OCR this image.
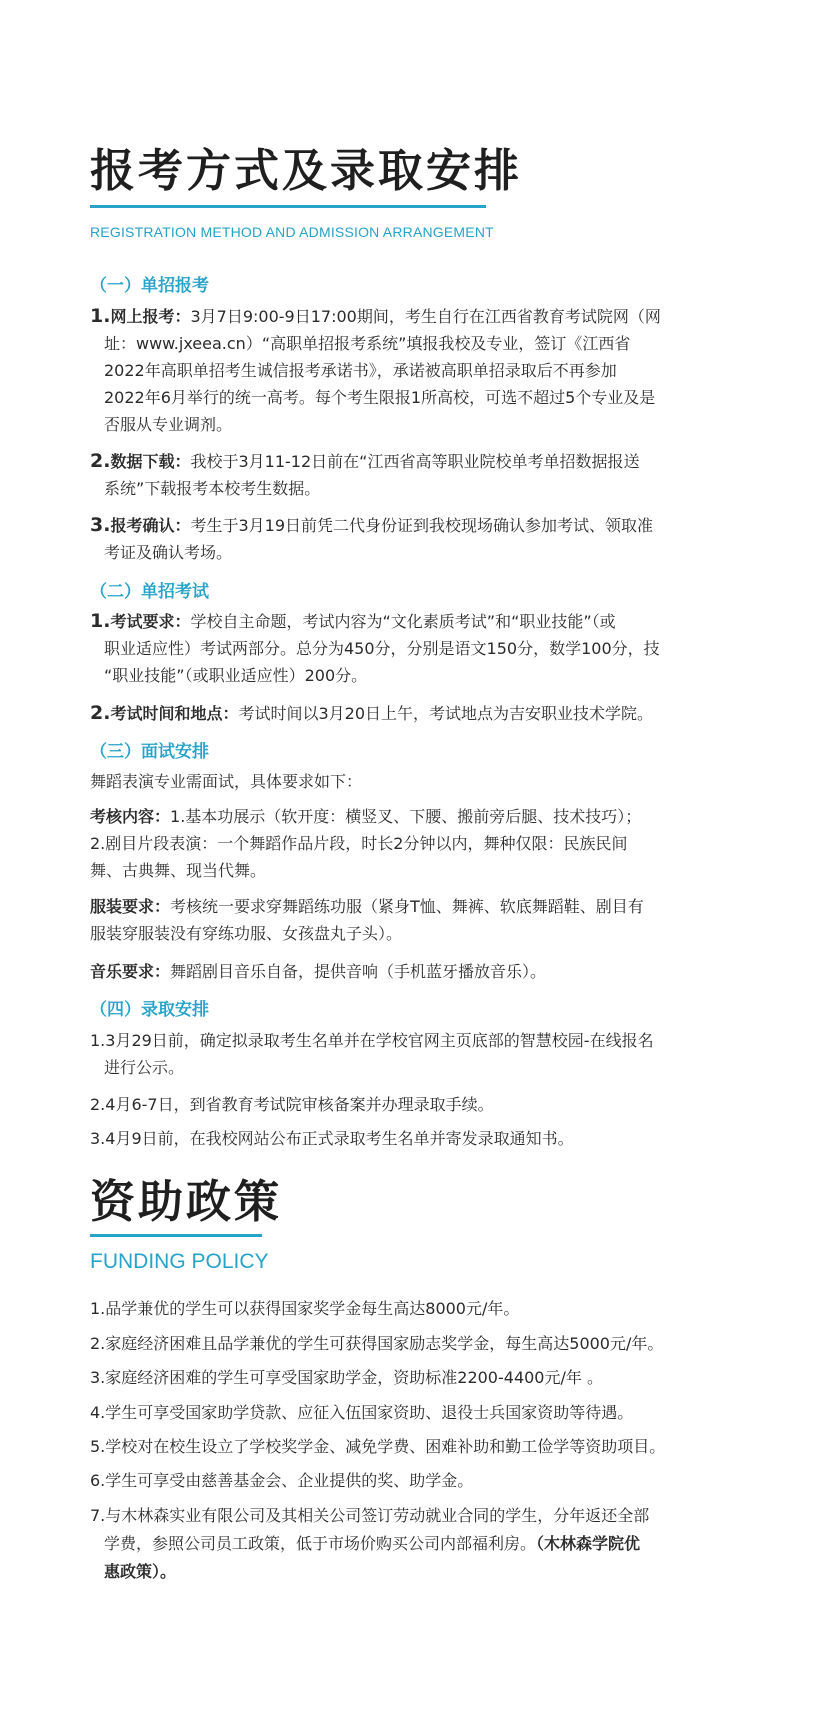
报考方式及录取安排
REGISTRATION METHOD AND ADMISSION ARRANGEMENT
（一）单招报考
1.网上报考：3月7日9:00-9日17:00期间，考生自行在江西省教育考试院网（网
址：www.jxeea.cn）“高职单招报考系统”填报我校及专业，签订《江西省
2022年高职单招考生诚信报考承诺书》，承诺被高职单招录取后不再参加
2022年6月举行的统一高考。每个考生限报1所高校，可选不超过5个专业及是
否服从专业调剂。
2.数据下载：我校于3月11-12日前在“江西省高等职业院校单考单招数据报送
系统”下载报考本校考生数据。
3.报考确认：考生于3月19日前凭二代身份证到我校现场确认参加考试、领取准
考证及确认考场。
（二）单招考试
1.考试要求：学校自主命题，考试内容为“文化素质考试”和“职业技能”（或
职业适应性）考试两部分。总分为450分，分别是语文150分，数学100分，技
“职业技能”（或职业适应性）200分。
2.考试时间和地点：考试时间以3月20日上午，考试地点为吉安职业技术学院。
（三）面试安排
舞蹈表演专业需面试，具体要求如下：
考核内容：1.基本功展示（软开度：横竖叉、下腰、搬前旁后腿、技术技巧）；
2.剧目片段表演：一个舞蹈作品片段，时长2分钟以内，舞种仅限：民族民间
舞、古典舞、现当代舞。
服装要求：考核统一要求穿舞蹈练功服（紧身T恤、舞裤、软底舞蹈鞋、剧目有
服装穿服装没有穿练功服、女孩盘丸子头）。
音乐要求：舞蹈剧目音乐自备，提供音响（手机蓝牙播放音乐）。
（四）录取安排
1.3月29日前，确定拟录取考生名单并在学校官网主页底部的智慧校园-在线报名
进行公示。
2.4月6-7日，到省教育考试院审核备案并办理录取手续。
3.4月9日前，在我校网站公布正式录取考生名单并寄发录取通知书。
资助政策
FUNDING POLICY
1.品学兼优的学生可以获得国家奖学金每生高达8000元/年。
2.家庭经济困难且品学兼优的学生可获得国家励志奖学金，每生高达5000元/年。
3.家庭经济困难的学生可享受国家助学金，资助标准2200-4400元/年 。
4.学生可享受国家助学贷款、应征入伍国家资助、退役士兵国家资助等待遇。
5.学校对在校生设立了学校奖学金、减免学费、困难补助和勤工俭学等资助项目。
6.学生可享受由慈善基金会、企业提供的奖、助学金。
7.与木林森实业有限公司及其相关公司签订劳动就业合同的学生，分年返还全部
学费，参照公司员工政策，低于市场价购买公司内部福利房。（木林森学院优
惠政策）。
